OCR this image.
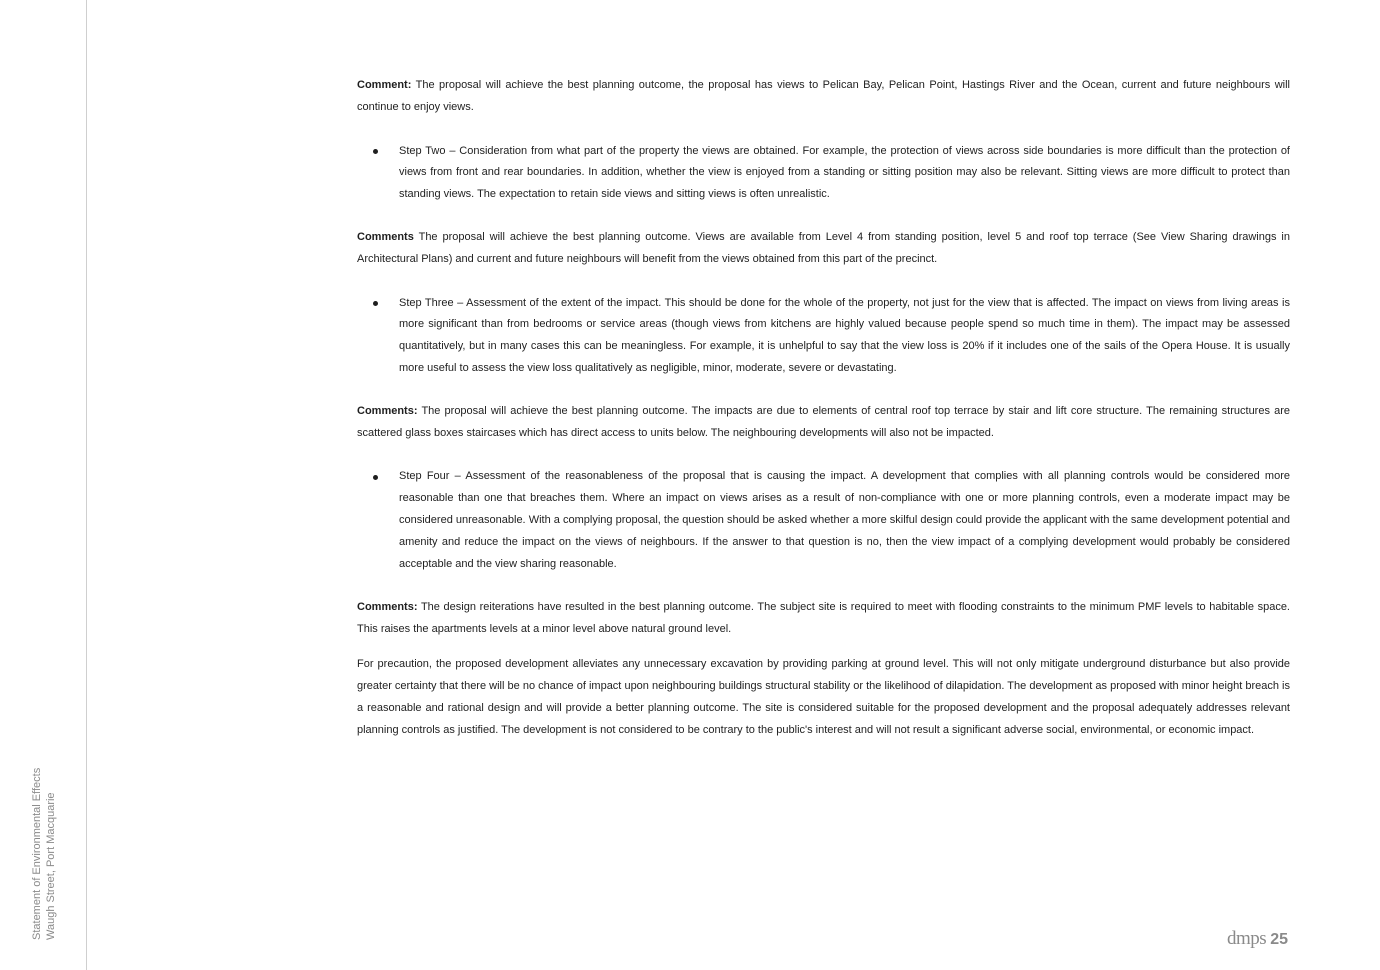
Statement of Environmental Effects Waugh Street, Port Macquarie

Comment: The proposal will achieve the best planning outcome, the proposal has views to Pelican Bay, Pelican Point, Hastings River and the Ocean, current and future neighbours will continue to enjoy views.

Step Two – Consideration from what part of the property the views are obtained. For example, the protection of views across side boundaries is more difficult than the protection of views from front and rear boundaries. In addition, whether the view is enjoyed from a standing or sitting position may also be relevant. Sitting views are more difficult to protect than standing views. The expectation to retain side views and sitting views is often unrealistic.

Comments The proposal will achieve the best planning outcome. Views are available from Level 4 from standing position, level 5 and roof top terrace (See View Sharing drawings in Architectural Plans) and current and future neighbours will benefit from the views obtained from this part of the precinct.

Step Three – Assessment of the extent of the impact. This should be done for the whole of the property, not just for the view that is affected. The impact on views from living areas is more significant than from bedrooms or service areas (though views from kitchens are highly valued because people spend so much time in them). The impact may be assessed quantitatively, but in many cases this can be meaningless. For example, it is unhelpful to say that the view loss is 20% if it includes one of the sails of the Opera House. It is usually more useful to assess the view loss qualitatively as negligible, minor, moderate, severe or devastating.

Comments: The proposal will achieve the best planning outcome. The impacts are due to elements of central roof top terrace by stair and lift core structure. The remaining structures are scattered glass boxes staircases which has direct access to units below. The neighbouring developments will also not be impacted.

Step Four – Assessment of the reasonableness of the proposal that is causing the impact. A development that complies with all planning controls would be considered more reasonable than one that breaches them. Where an impact on views arises as a result of non-compliance with one or more planning controls, even a moderate impact may be considered unreasonable. With a complying proposal, the question should be asked whether a more skilful design could provide the applicant with the same development potential and amenity and reduce the impact on the views of neighbours. If the answer to that question is no, then the view impact of a complying development would probably be considered acceptable and the view sharing reasonable.

Comments: The design reiterations have resulted in the best planning outcome. The subject site is required to meet with flooding constraints to the minimum PMF levels to habitable space. This raises the apartments levels at a minor level above natural ground level.

For precaution, the proposed development alleviates any unnecessary excavation by providing parking at ground level. This will not only mitigate underground disturbance but also provide greater certainty that there will be no chance of impact upon neighbouring buildings structural stability or the likelihood of dilapidation. The development as proposed with minor height breach is a reasonable and rational design and will provide a better planning outcome. The site is considered suitable for the proposed development and the proposal adequately addresses relevant planning controls as justified. The development is not considered to be contrary to the public's interest and will not result a significant adverse social, environmental, or economic impact.

dmps 25
